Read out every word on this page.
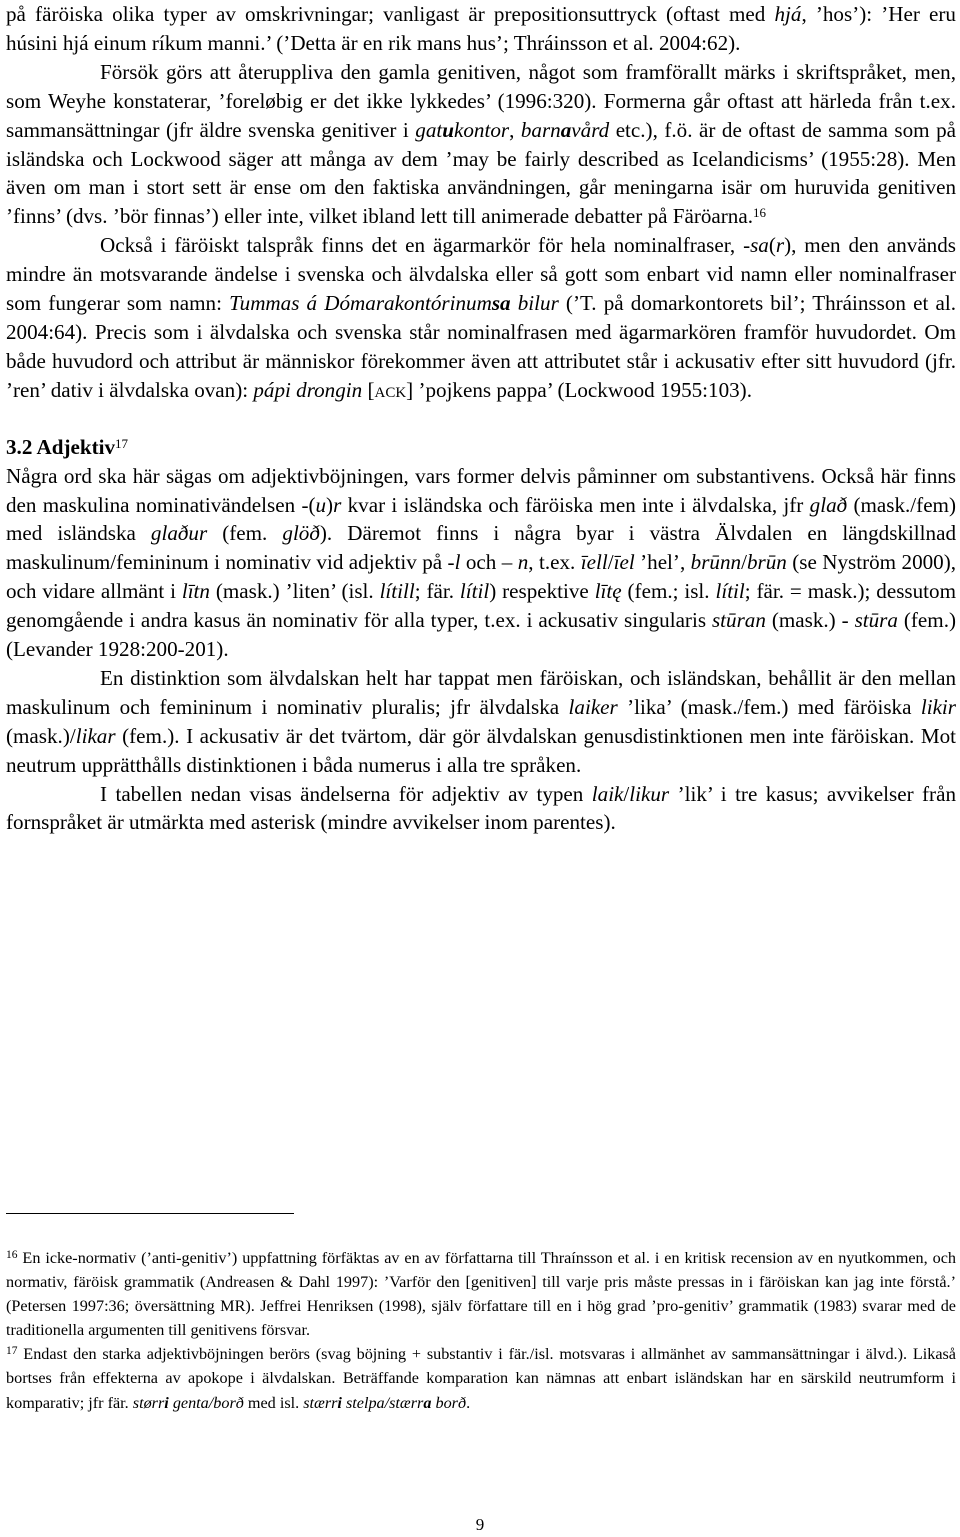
på färöiska olika typer av omskrivningar; vanligast är prepositionsuttryck (oftast med hjá, ’hos’): ’Her eru húsini hjá einum ríkum manni.’ (’Detta är en rik mans hus’; Thráinsson et al. 2004:62).

Försök görs att återuppliva den gamla genitiven, något som framförallt märks i skriftspråket, men, som Weyhe konstaterar, ’foreløbig er det ikke lykkedes’ (1996:320). Formerna går oftast att härleda från t.ex. sammansättningar (jfr äldre svenska genitiver i gatukontor, barnavård etc.), f.ö. är de oftast de samma som på isländska och Lockwood säger att många av dem ’may be fairly described as Icelandicisms’ (1955:28). Men även om man i stort sett är ense om den faktiska användningen, går meningarna isär om huruvida genitiven ’finns’ (dvs. ’bör finnas’) eller inte, vilket ibland lett till animerade debatter på Färöarna.$^{16}$

Också i färöiskt talspråk finns det en ägarmarkör för hela nominalfraser, -sa(r), men den används mindre än motsvarande ändelse i svenska och älvdalska eller så gott som enbart vid namn eller nominalfraser som fungerar som namn: Tummas á Dómarakontórinumsa bilur (’T. på domarkontorets bil’; Thráinsson et al. 2004:64). Precis som i älvdalska och svenska står nominalfrasen med ägarmarkören framför huvudordet. Om både huvudord och attribut är människor förekommer även att attributet står i ackusativ efter sitt huvudord (jfr. ’ren’ dativ i älvdalska ovan): pápi drongin [ack] ’pojkens pappa’ (Lockwood 1955:103).

3.2 Adjektiv$^{17}$

Några ord ska här sägas om adjektivböjningen, vars former delvis påminner om substantivens. Också här finns den maskulina nominativändelsen -(u)r kvar i isländska och färöiska men inte i älvdalska, jfr glað (mask./fem) med isländska glaður (fem. glöð). Däremot finns i några byar i västra Älvdalen en längdskillnad maskulinum/femininum i nominativ vid adjektiv på -l och – n, t.ex. īell/īel ’hel’, brūnn/brūn (se Nyström 2000), och vidare allmänt i lītn (mask.) ’liten’ (isl. lítill; fär. lítil) respektive lītę (fem.; isl. lítil; fär. = mask.); dessutom genomgående i andra kasus än nominativ för alla typer, t.ex. i ackusativ singularis stūran (mask.) - stūra (fem.) (Levander 1928:200-201).

En distinktion som älvdalskan helt har tappat men färöiskan, och isländskan, behållit är den mellan maskulinum och femininum i nominativ pluralis; jfr älvdalska laiker ’lika’ (mask./fem.) med färöiska likir (mask.)/likar (fem.). I ackusativ är det tvärtom, där gör älvdalskan genusdistinktionen men inte färöiskan. Mot neutrum upprätthålls distinktionen i båda numerus i alla tre språken.

I tabellen nedan visas ändelserna för adjektiv av typen laik/likur ’lik’ i tre kasus; avvikelser från fornspråket är utmärkta med asterisk (mindre avvikelser inom parentes).

$^{16}$ En icke-normativ (’anti-genitiv’) uppfattning förfäktas av en av författarna till Thraínsson et al. i en kritisk recension av en nyutkommen, och normativ, färöisk grammatik (Andreasen & Dahl 1997): ’Varför den [genitiven] till varje pris måste pressas in i färöiskan kan jag inte förstå.’ (Petersen 1997:36; översättning MR). Jeffrei Henriksen (1998), själv författare till en i hög grad ’pro-genitiv’ grammatik (1983) svarar med de traditionella argumenten till genitivens försvar.

$^{17}$ Endast den starka adjektivböjningen berörs (svag böjning + substantiv i fär./isl. motsvaras i allmänhet av sammansättningar i älvd.). Likaså bortses från effekterna av apokope i älvdalskan. Beträffande komparation kan nämnas att enbart isländskan har en särskild neutrumform i komparativ; jfr fär. størri genta/borð med isl. stærri stelpa/stærra borð.

9
